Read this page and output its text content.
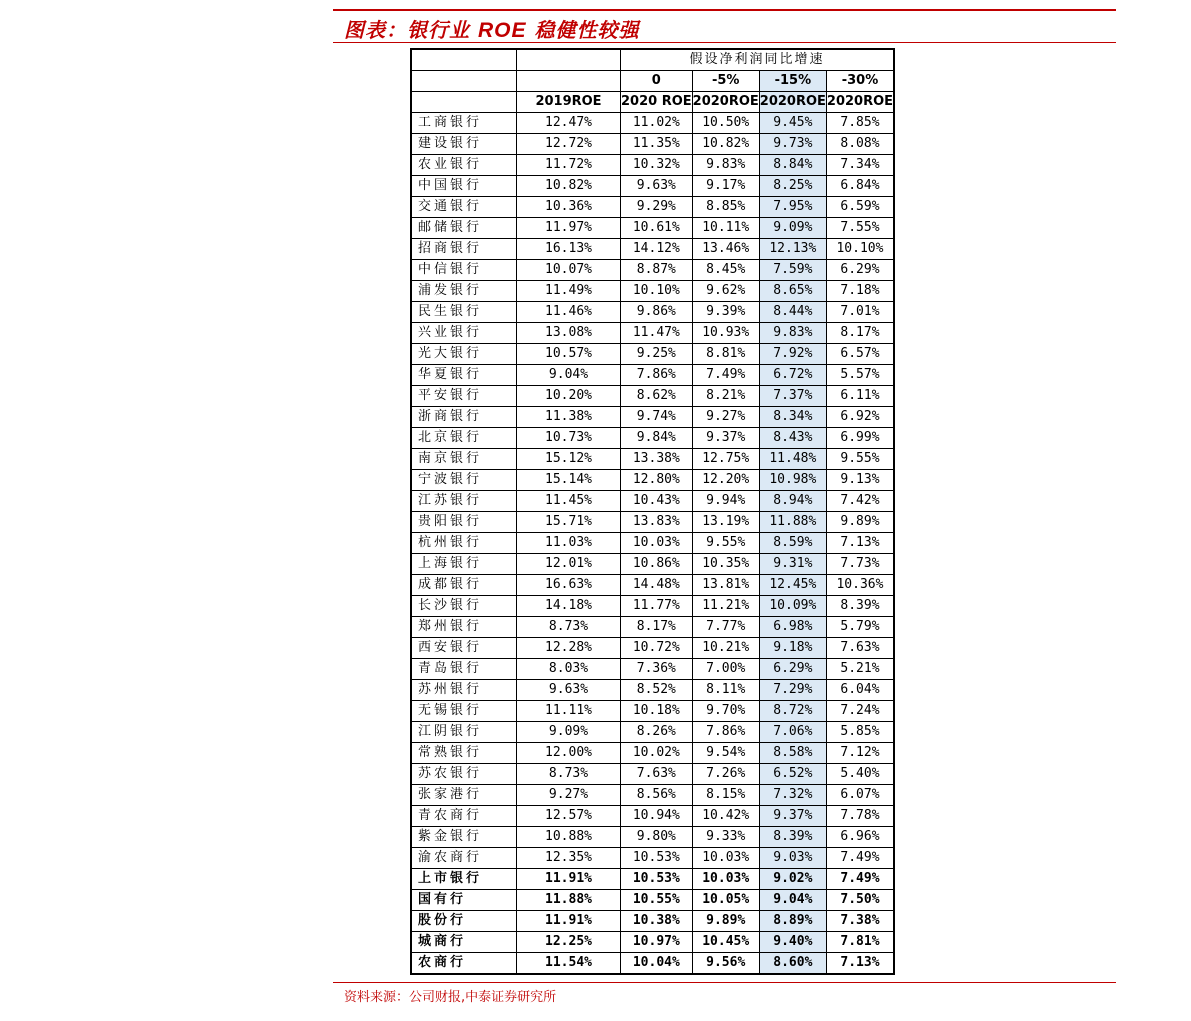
图表：银行业 ROE 稳健性较强
		假设净利润同比增速			
		0	-5%	-15%	-30%
	2019ROE	2020 ROE	2020ROE	2020ROE	2020ROE
工商银行	12.47%	11.02%	10.50%	9.45%	7.85%
建设银行	12.72%	11.35%	10.82%	9.73%	8.08%
农业银行	11.72%	10.32%	9.83%	8.84%	7.34%
中国银行	10.82%	9.63%	9.17%	8.25%	6.84%
交通银行	10.36%	9.29%	8.85%	7.95%	6.59%
邮储银行	11.97%	10.61%	10.11%	9.09%	7.55%
招商银行	16.13%	14.12%	13.46%	12.13%	10.10%
中信银行	10.07%	8.87%	8.45%	7.59%	6.29%
浦发银行	11.49%	10.10%	9.62%	8.65%	7.18%
民生银行	11.46%	9.86%	9.39%	8.44%	7.01%
兴业银行	13.08%	11.47%	10.93%	9.83%	8.17%
光大银行	10.57%	9.25%	8.81%	7.92%	6.57%
华夏银行	9.04%	7.86%	7.49%	6.72%	5.57%
平安银行	10.20%	8.62%	8.21%	7.37%	6.11%
浙商银行	11.38%	9.74%	9.27%	8.34%	6.92%
北京银行	10.73%	9.84%	9.37%	8.43%	6.99%
南京银行	15.12%	13.38%	12.75%	11.48%	9.55%
宁波银行	15.14%	12.80%	12.20%	10.98%	9.13%
江苏银行	11.45%	10.43%	9.94%	8.94%	7.42%
贵阳银行	15.71%	13.83%	13.19%	11.88%	9.89%
杭州银行	11.03%	10.03%	9.55%	8.59%	7.13%
上海银行	12.01%	10.86%	10.35%	9.31%	7.73%
成都银行	16.63%	14.48%	13.81%	12.45%	10.36%
长沙银行	14.18%	11.77%	11.21%	10.09%	8.39%
郑州银行	8.73%	8.17%	7.77%	6.98%	5.79%
西安银行	12.28%	10.72%	10.21%	9.18%	7.63%
青岛银行	8.03%	7.36%	7.00%	6.29%	5.21%
苏州银行	9.63%	8.52%	8.11%	7.29%	6.04%
无锡银行	11.11%	10.18%	9.70%	8.72%	7.24%
江阴银行	9.09%	8.26%	7.86%	7.06%	5.85%
常熟银行	12.00%	10.02%	9.54%	8.58%	7.12%
苏农银行	8.73%	7.63%	7.26%	6.52%	5.40%
张家港行	9.27%	8.56%	8.15%	7.32%	6.07%
青农商行	12.57%	10.94%	10.42%	9.37%	7.78%
紫金银行	10.88%	9.80%	9.33%	8.39%	6.96%
渝农商行	12.35%	10.53%	10.03%	9.03%	7.49%
上市银行	11.91%	10.53%	10.03%	9.02%	7.49%
国有行	11.88%	10.55%	10.05%	9.04%	7.50%
股份行	11.91%	10.38%	9.89%	8.89%	7.38%
城商行	12.25%	10.97%	10.45%	9.40%	7.81%
农商行	11.54%	10.04%	9.56%	8.60%	7.13%
资料来源：公司财报,中泰证券研究所
